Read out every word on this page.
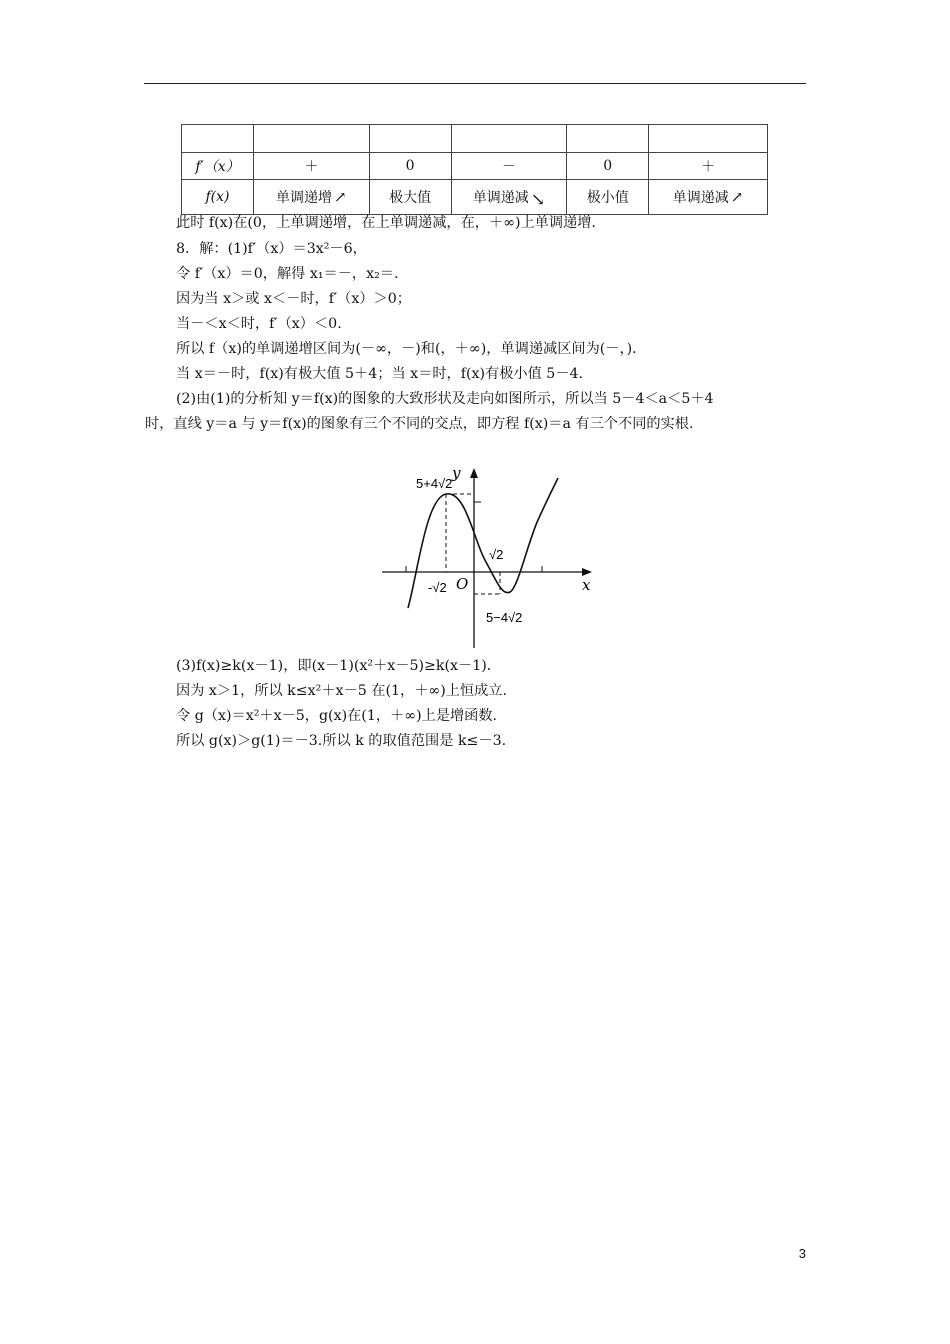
f′（x）	＋	0	－	0	＋
f(x)	单调递增 ↗	极大值	单调递减 ↘	极小值	单调递减 ↗
此时 f(x)在(0，上单调递增，在上单调递减，在，＋∞)上单调递增.
8．解：(1)f′（x）＝3x²－6，
令 f′（x）＝0，解得 x₁＝－，x₂＝.
因为当 x＞或 x＜－时，f′（x）＞0；
当－＜x＜时，f′（x）＜0.
所以 f（x)的单调递增区间为(－∞，－)和(，＋∞)，单调递减区间为(－，)．
当 x＝－时，f(x)有极大值 5＋4；当 x＝时，f(x)有极小值 5－4.
(2)由(1)的分析知 y＝f(x)的图象的大致形状及走向如图所示，所以当 5－4＜a＜5＋4
时，直线 y＝a 与 y＝f(x)的图象有三个不同的交点，即方程 f(x)＝a 有三个不同的实根.
x
y
O
5+4√2
5−4√2
-√2
√2
(3)f(x)≥k(x－1)，即(x－1)(x²＋x－5)≥k(x－1)．
因为 x＞1，所以 k≤x²＋x－5 在(1，＋∞)上恒成立.
令 g（x)＝x²＋x－5，g(x)在(1，＋∞)上是增函数.
所以 g(x)＞g(1)＝－3.所以 k 的取值范围是 k≤－3.
3
